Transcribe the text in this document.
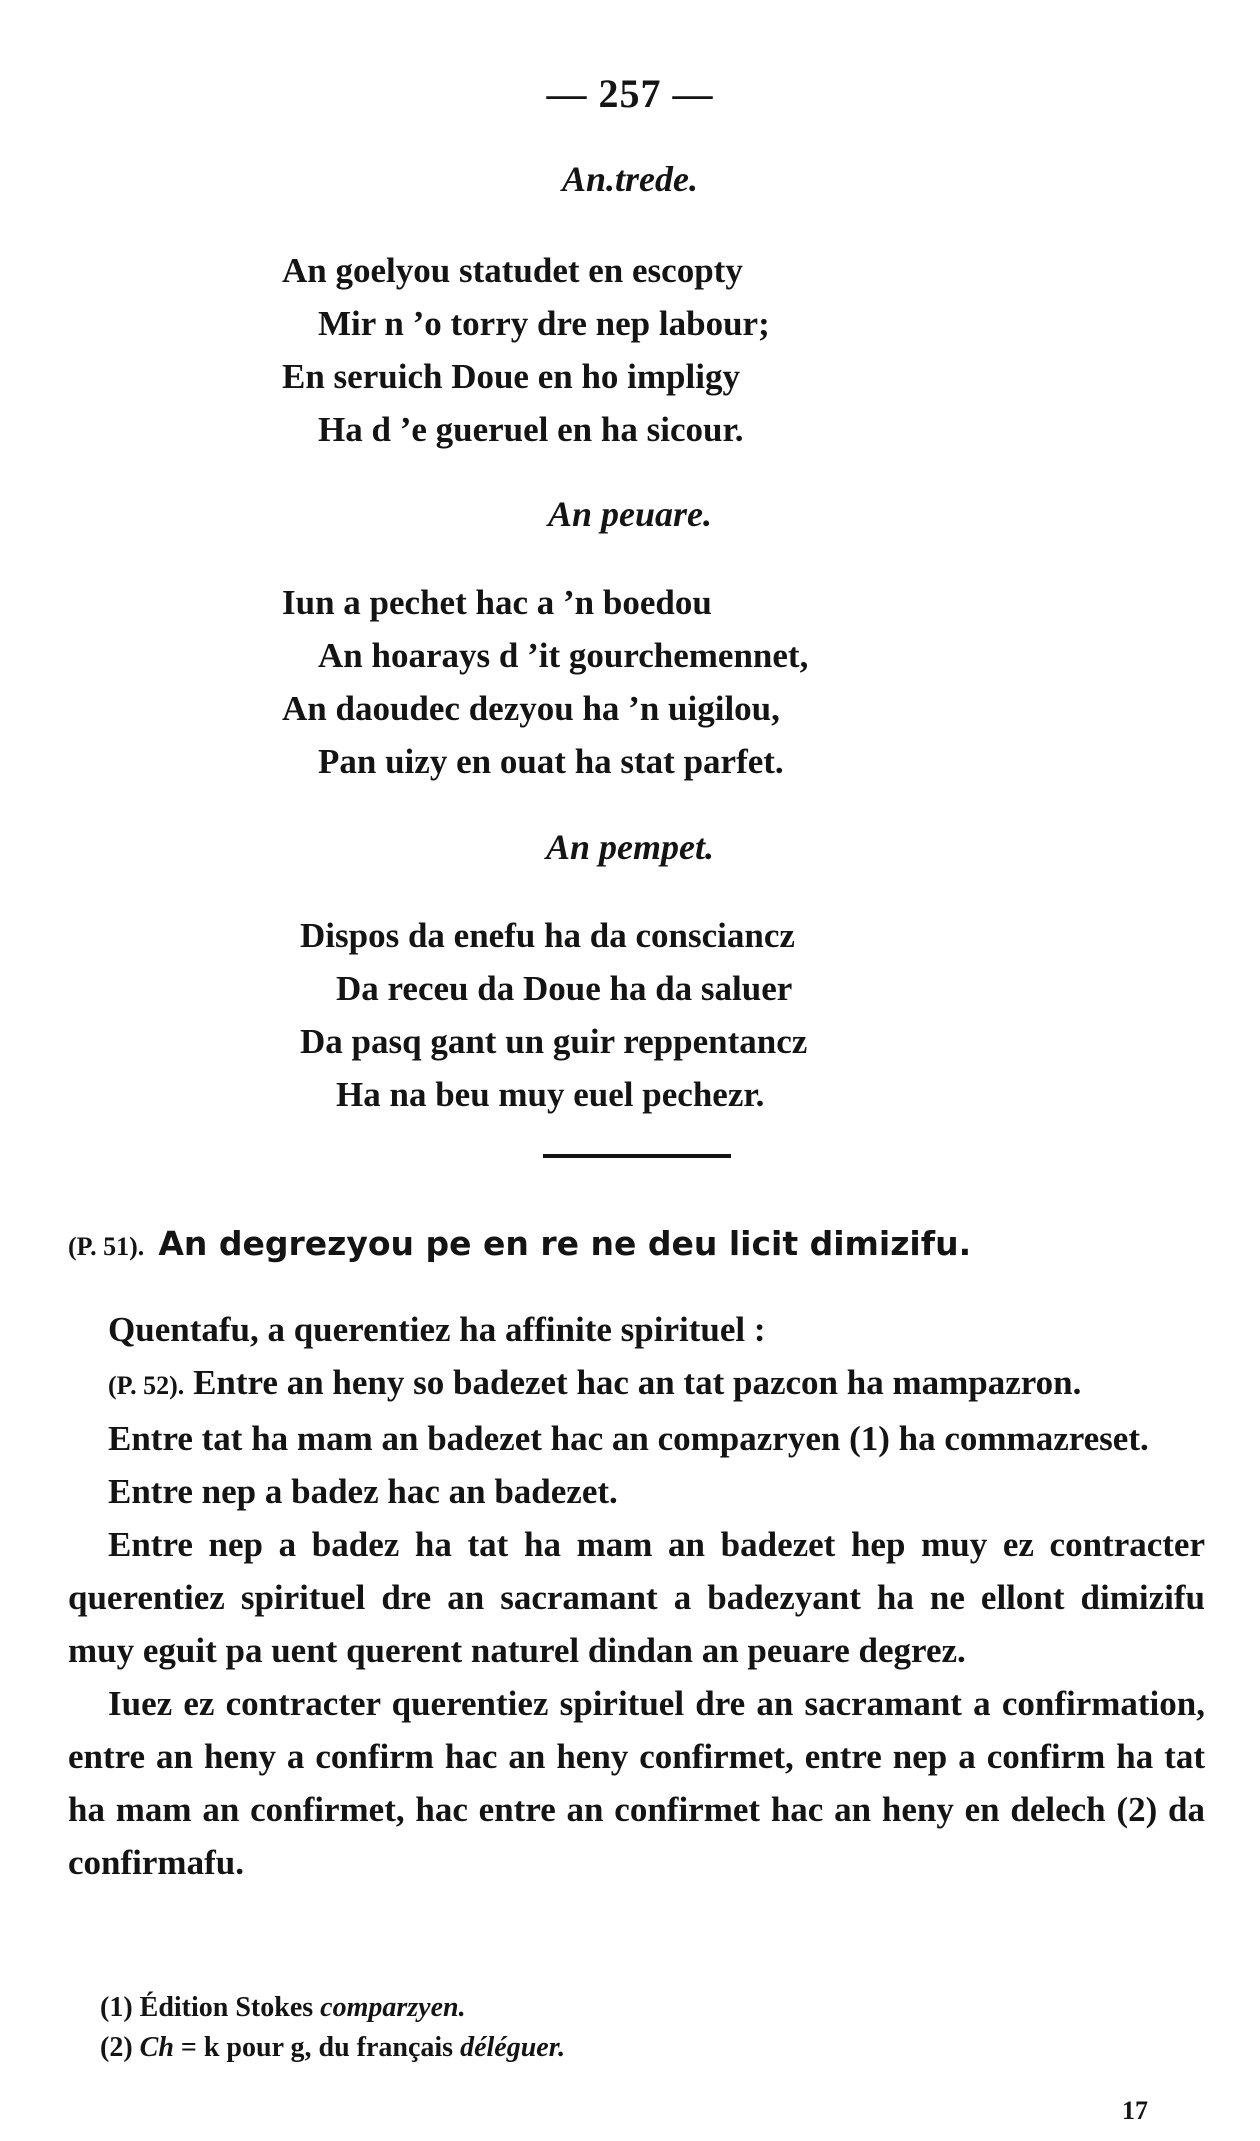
— 257 —
An.trede.
An goelyou statudet en escopty
Mir n ’o torry dre nep labour;
En seruich Doue en ho impligy
Ha d ’e gueruel en ha sicour.
An peuare.
Iun a pechet hac a ’n boedou
An hoarays d ’it gourchemennet,
An daoudec dezyou ha ’n uigilou,
Pan uizy en ouat ha stat parfet.
An pempet.
Dispos da enefu ha da consciancz
Da receu da Doue ha da saluer
Da pasq gant un guir reppentancz
Ha na beu muy euel pechezr.
(P. 51). An degrezyou pe en re ne deu licit dimizifu.

Quentafu, a querentiez ha affinite spirituel :

(P. 52). Entre an heny so badezet hac an tat pazcon ha mampazron.

Entre tat ha mam an badezet hac an compazryen (1) ha commazreset.

Entre nep a badez hac an badezet.

Entre nep a badez ha tat ha mam an badezet hep muy ez contracter querentiez spirituel dre an sacramant a badezyant ha ne ellont dimizifu muy eguit pa uent querent naturel dindan an peuare degrez.

Iuez ez contracter querentiez spirituel dre an sacramant a confirmation, entre an heny a confirm hac an heny confirmet, entre nep a confirm ha tat ha mam an confirmet, hac entre an confirmet hac an heny en delech (2) da confirmafu.

(1) Édition Stokes comparzyen.
(2) Ch = k pour g, du français déléguer.
17
